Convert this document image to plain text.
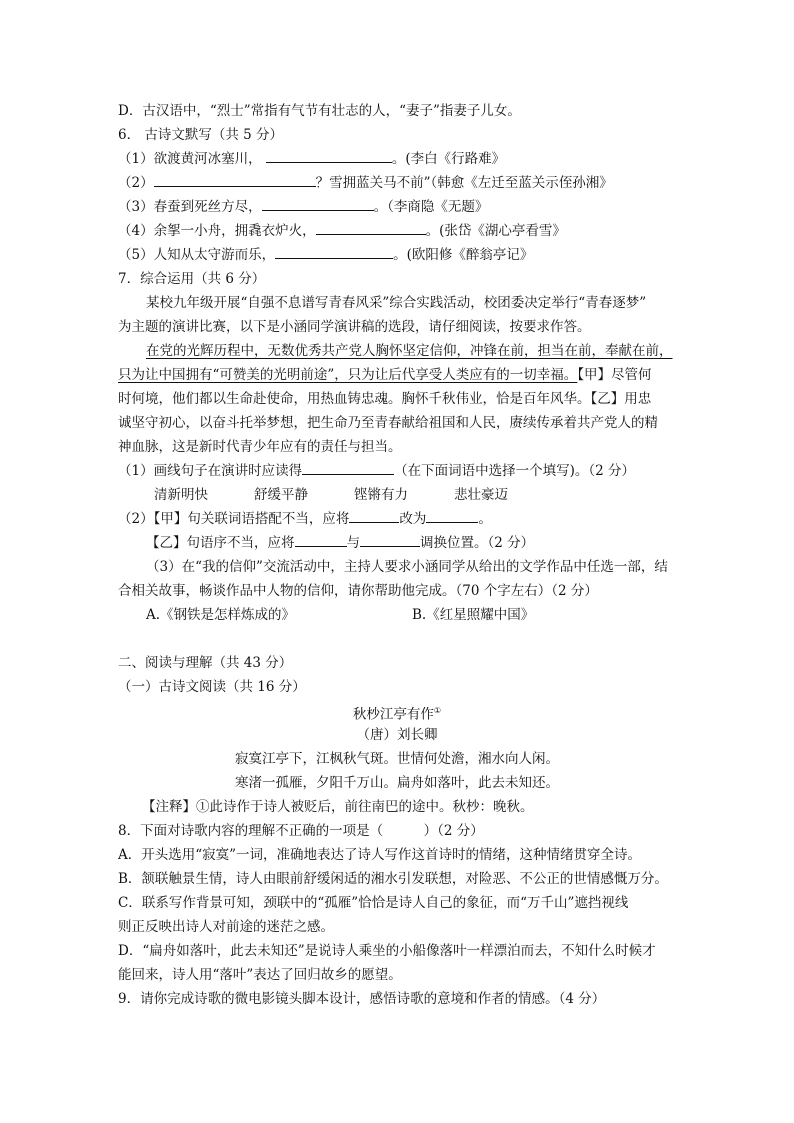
D．古汉语中，“烈士”常指有气节有壮志的人，“妻子”指妻子儿女。
6． 古诗文默写（共 5 分）
（1）欲渡黄河冰塞川，	。(李白《行路难》
（2）	？雪拥蓝关马不前”（韩愈《左迁至蓝关示侄孙湘》
（3）春蚕到死丝方尽，	。（李商隐《无题》
（4）余挐一小舟，拥毳衣炉火，	。(张岱《湖心亭看雪》
（5）人知从太守游而乐，	。(欧阳修《醉翁亭记》
7．综合运用（共 6 分）
某校九年级开展“自强不息谱写青春风采”综合实践活动，校团委决定举行“青春逐梦”
为主题的演讲比赛，以下是小涵同学演讲稿的选段，请仔细阅读，按要求作答。
在党的光辉历程中，无数优秀共产党人胸怀坚定信仰，冲锋在前，担当在前，奉献在前，
只为让中国拥有“可赞美的光明前途”，只为让后代享受人类应有的一切幸福。【甲】尽管何
时何境，他们都以生命赴使命，用热血铸忠魂。胸怀千秋伟业，恰是百年风华。【乙】用忠
诚坚守初心，以奋斗托举梦想，把生命乃至青春献给祖国和人民，赓续传承着共产党人的精
神血脉，这是新时代青少年应有的责任与担当。
（1）画线句子在演讲时应读得	（在下面词语中选择一个填写)。（2 分）
清新明快	舒缓平静	铿锵有力	悲壮豪迈
（2）【甲】句关联词语搭配不当，应将	改为	。
【乙】句语序不当，应将	与	调换位置。（2 分）
（3）在“我的信仰”交流活动中，主持人要求小涵同学从给出的文学作品中任选一部，结
合相关故事，畅谈作品中人物的信仰，请你帮助他完成。（70 个字左右）（2 分）
A.《钢铁是怎样炼成的》	B.《红星照耀中国》
二、阅读与理解（共 43 分）
（一）古诗文阅读（共 16 分）
秋杪江亭有作①
（唐）刘长卿
寂寞江亭下，江枫秋气斑。世情何处澹，湘水向人闲。
寒渚一孤雁，夕阳千万山。扁舟如落叶，此去未知还。
【注释】①此诗作于诗人被贬后，前往南巴的途中。秋杪：晚秋。
8．下面对诗歌内容的理解不正确的一项是（　　　）（2 分）
A．开头选用“寂寞”一词，准确地表达了诗人写作这首诗时的情绪，这种情绪贯穿全诗。
B．颔联触景生情，诗人由眼前舒缓闲适的湘水引发联想，对险恶、不公正的世情感慨万分。
C．联系写作背景可知，颈联中的“孤雁”恰恰是诗人自己的象征，而“万千山”遮挡视线
则正反映出诗人对前途的迷茫之感。
D．“扁舟如落叶，此去未知还”是说诗人乘坐的小船像落叶一样漂泊而去，不知什么时候才
能回来，诗人用“落叶”表达了回归故乡的愿望。
9．请你完成诗歌的微电影镜头脚本设计，感悟诗歌的意境和作者的情感。（4 分）
